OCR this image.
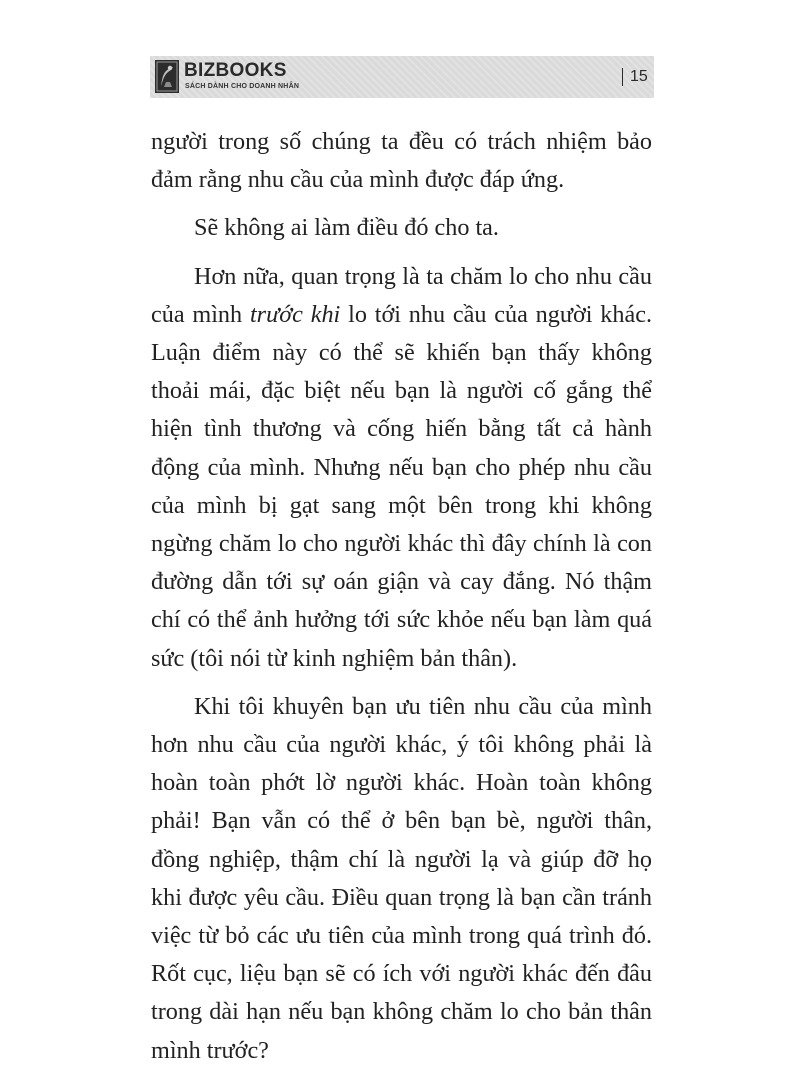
BIZBOOKS
SÁCH DÀNH CHO DOANH NHÂN
15

người trong số chúng ta đều có trách nhiệm bảo đảm rằng nhu cầu của mình được đáp ứng.

Sẽ không ai làm điều đó cho ta.

Hơn nữa, quan trọng là ta chăm lo cho nhu cầu của mình trước khi lo tới nhu cầu của người khác. Luận điểm này có thể sẽ khiến bạn thấy không thoải mái, đặc biệt nếu bạn là người cố gắng thể hiện tình thương và cống hiến bằng tất cả hành động của mình. Nhưng nếu bạn cho phép nhu cầu của mình bị gạt sang một bên trong khi không ngừng chăm lo cho người khác thì đây chính là con đường dẫn tới sự oán giận và cay đắng. Nó thậm chí có thể ảnh hưởng tới sức khỏe nếu bạn làm quá sức (tôi nói từ kinh nghiệm bản thân).

Khi tôi khuyên bạn ưu tiên nhu cầu của mình hơn nhu cầu của người khác, ý tôi không phải là hoàn toàn phớt lờ người khác. Hoàn toàn không phải! Bạn vẫn có thể ở bên bạn bè, người thân, đồng nghiệp, thậm chí là người lạ và giúp đỡ họ khi được yêu cầu. Điều quan trọng là bạn cần tránh việc từ bỏ các ưu tiên của mình trong quá trình đó. Rốt cục, liệu bạn sẽ có ích với người khác đến đâu trong dài hạn nếu bạn không chăm lo cho bản thân mình trước?
